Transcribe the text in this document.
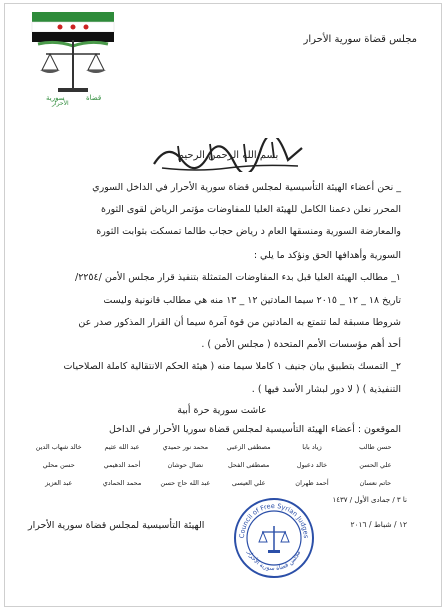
سورية	قضاة
الأحرار
مجلس قضاة سورية الأحرار
بسم الله الرحمن الرحيم
_ نحن أعضاء الهيئة التأسيسية لمجلس قضاة سورية الأحرار في الداخل السوري
المحرر نعلن دعمنا الكامل للهيئة العليا للمفاوضات مؤتمر الرياض لقوى الثورة
والمعارضة السورية ومنسقها العام د رياض حجاب طالما تمسكت بثوابت الثورة
السورية وأهدافها الحق ونؤكد ما يلي :
١_ مطالب الهيئة العليا قبل بدء المفاوضات المتمثلة بتنفيذ قرار مجلس الأمن /٢٢٥٤/
تاريخ ١٨ _ ١٢ _ ٢٠١٥ سيما المادتين ١٢ _ ١٣ منه هي مطالب قانونية وليست
شروطا مسبقة لما تتمتع به المادتين من قوة آمرة سيما أن القرار المذكور صدر عن
أحد أهم مؤسسات الأمم المتحدة ( مجلس الأمن ) .
٢_ التمسك بتطبيق بيان جنيف ١ كاملا سيما منه ( هيئة الحكم الانتقالية كاملة الصلاحيات
التنفيذية ) ( لا دور لبشار الأسد فيها ) .
عاشت سورية حرة أبية
الموقعون : أعضاء الهيئة التأسيسية لمجلس قضاة سوريا الأحرار في الداخل
حسن طالب
زياد بابا
مصطفى الزعبي
محمد نور حميدي
عبد الله عثيم
خالد شهاب الدين
علي الحسن
خالد دعبول
مصطفى الفحل
نضال حوشان
أحمد الدهيمي
حسن محلي
حاتم نعسان
أحمد ظهران
علي العيسى
عبد الله حاج حسن
محمد الحمادي
عبد العزيز
نا ٣ / جمادى الأول / ١٤٣٧
١٢ / شباط / ٢٠١٦
Council of Free Syrian Judges
مجلس قضاة سورية الأحرار
الهيئة التأسيسية لمجلس قضاة سورية الأحرار
